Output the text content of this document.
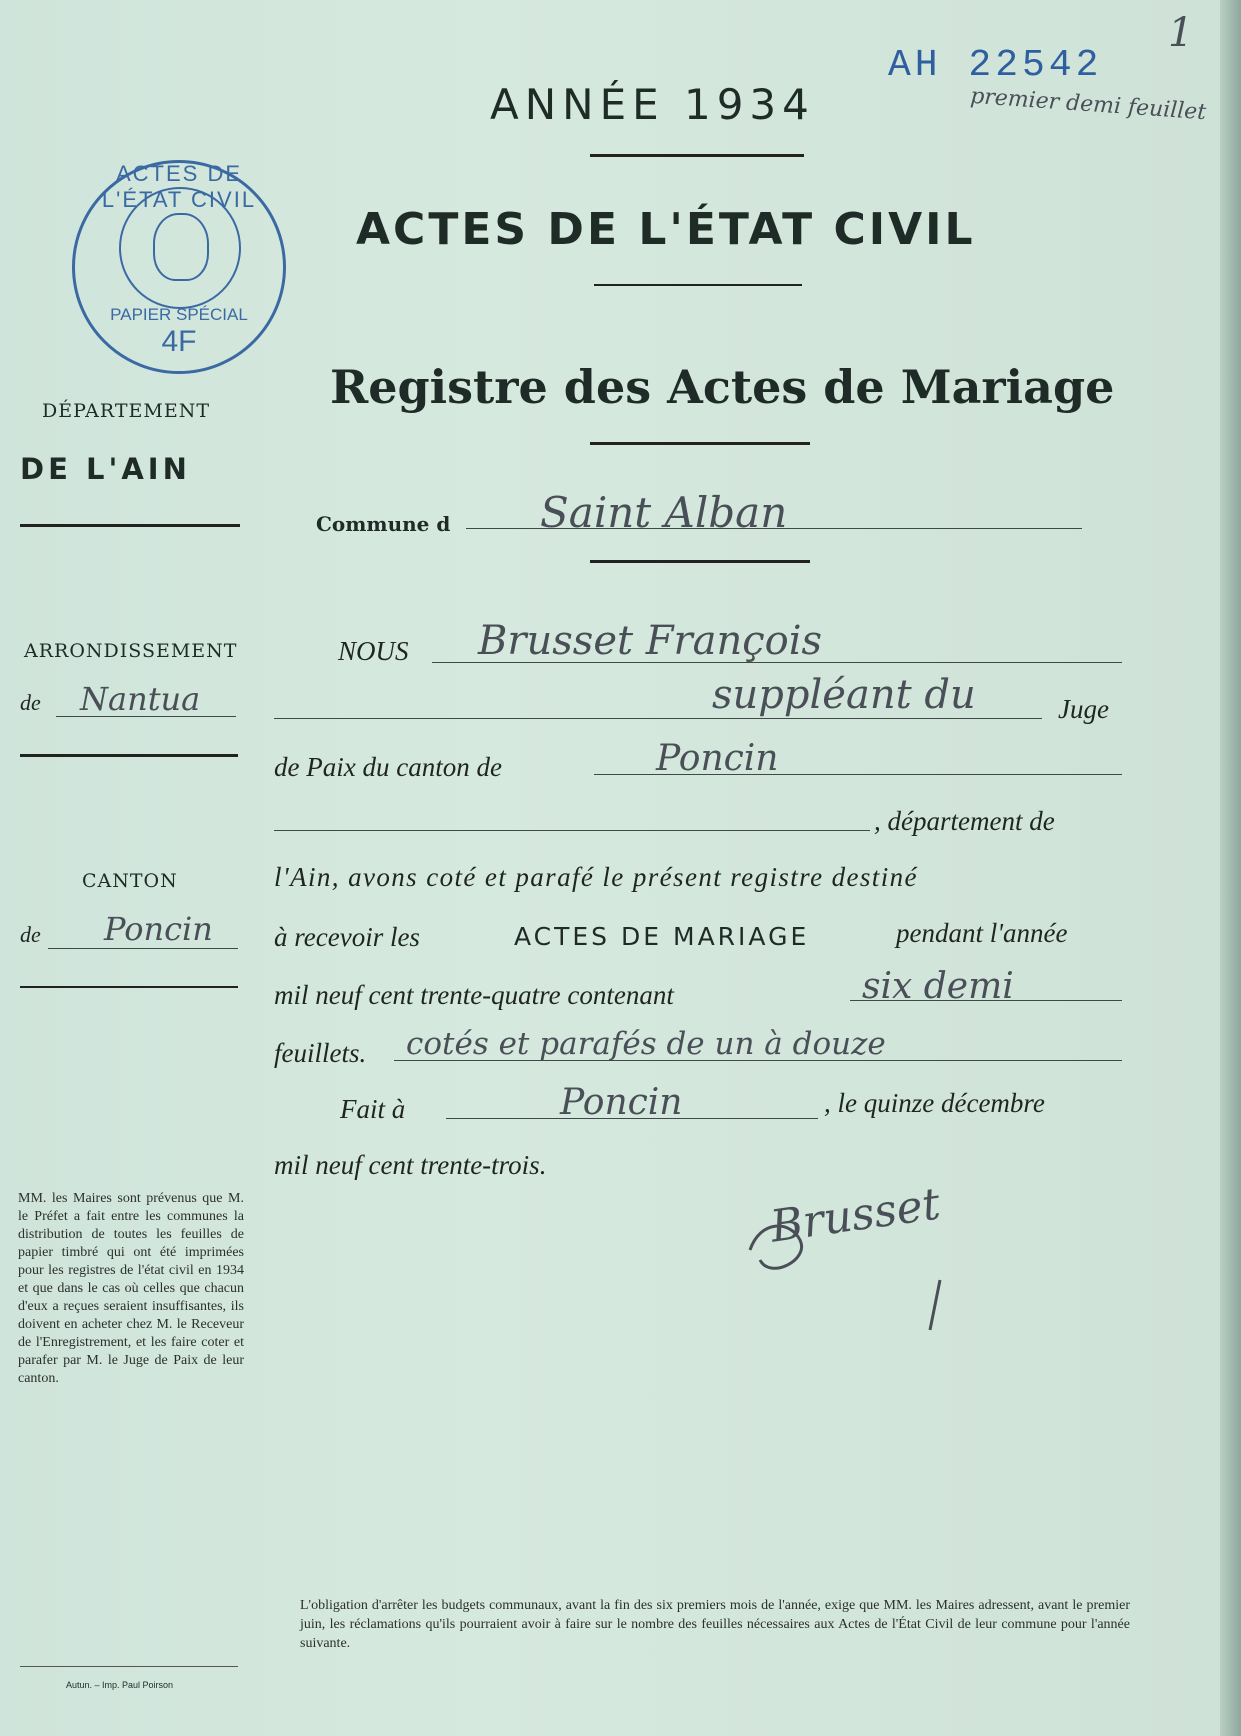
AH 22542
1
premier demi feuillet
ANNÉE 1934
ACTES DE L'ÉTAT CIVIL
Registre des Actes de Mariage
ACTES DE L'ÉTAT CIVIL
PAPIER SPÉCIAL
4F
DÉPARTEMENT
DE L'AIN
ARRONDISSEMENT
de Nantua
CANTON
de Poncin
MM. les Maires sont prévenus que M. le Préfet a fait entre les communes la distribution de toutes les feuilles de papier timbré qui ont été imprimées pour les registres de l'état civil en 1934 et que dans le cas où celles que chacun d'eux a reçues seraient insuffisantes, ils doivent en acheter chez M. le Receveur de l'Enregistrement, et les faire coter et parafer par M. le Juge de Paix de leur canton.
Autun. – Imp. Paul Poirson
Commune d Saint Alban
NOUS Brusset François
suppléant du	Juge
de Paix du canton de	Poncin
, département de
l'Ain, avons coté et parafé le présent registre destiné
à recevoir les	ACTES DE MARIAGE	pendant l'année
mil neuf cent trente-quatre contenant	six demi
feuillets. cotés et parafés de un à douze
Fait à	Poncin	, le quinze décembre
mil neuf cent trente-trois.
Brusset
L'obligation d'arrêter les budgets communaux, avant la fin des six premiers mois de l'année, exige que MM. les Maires adressent, avant le premier juin, les réclamations qu'ils pourraient avoir à faire sur le nombre des feuilles nécessaires aux Actes de l'État Civil de leur commune pour l'année suivante.
